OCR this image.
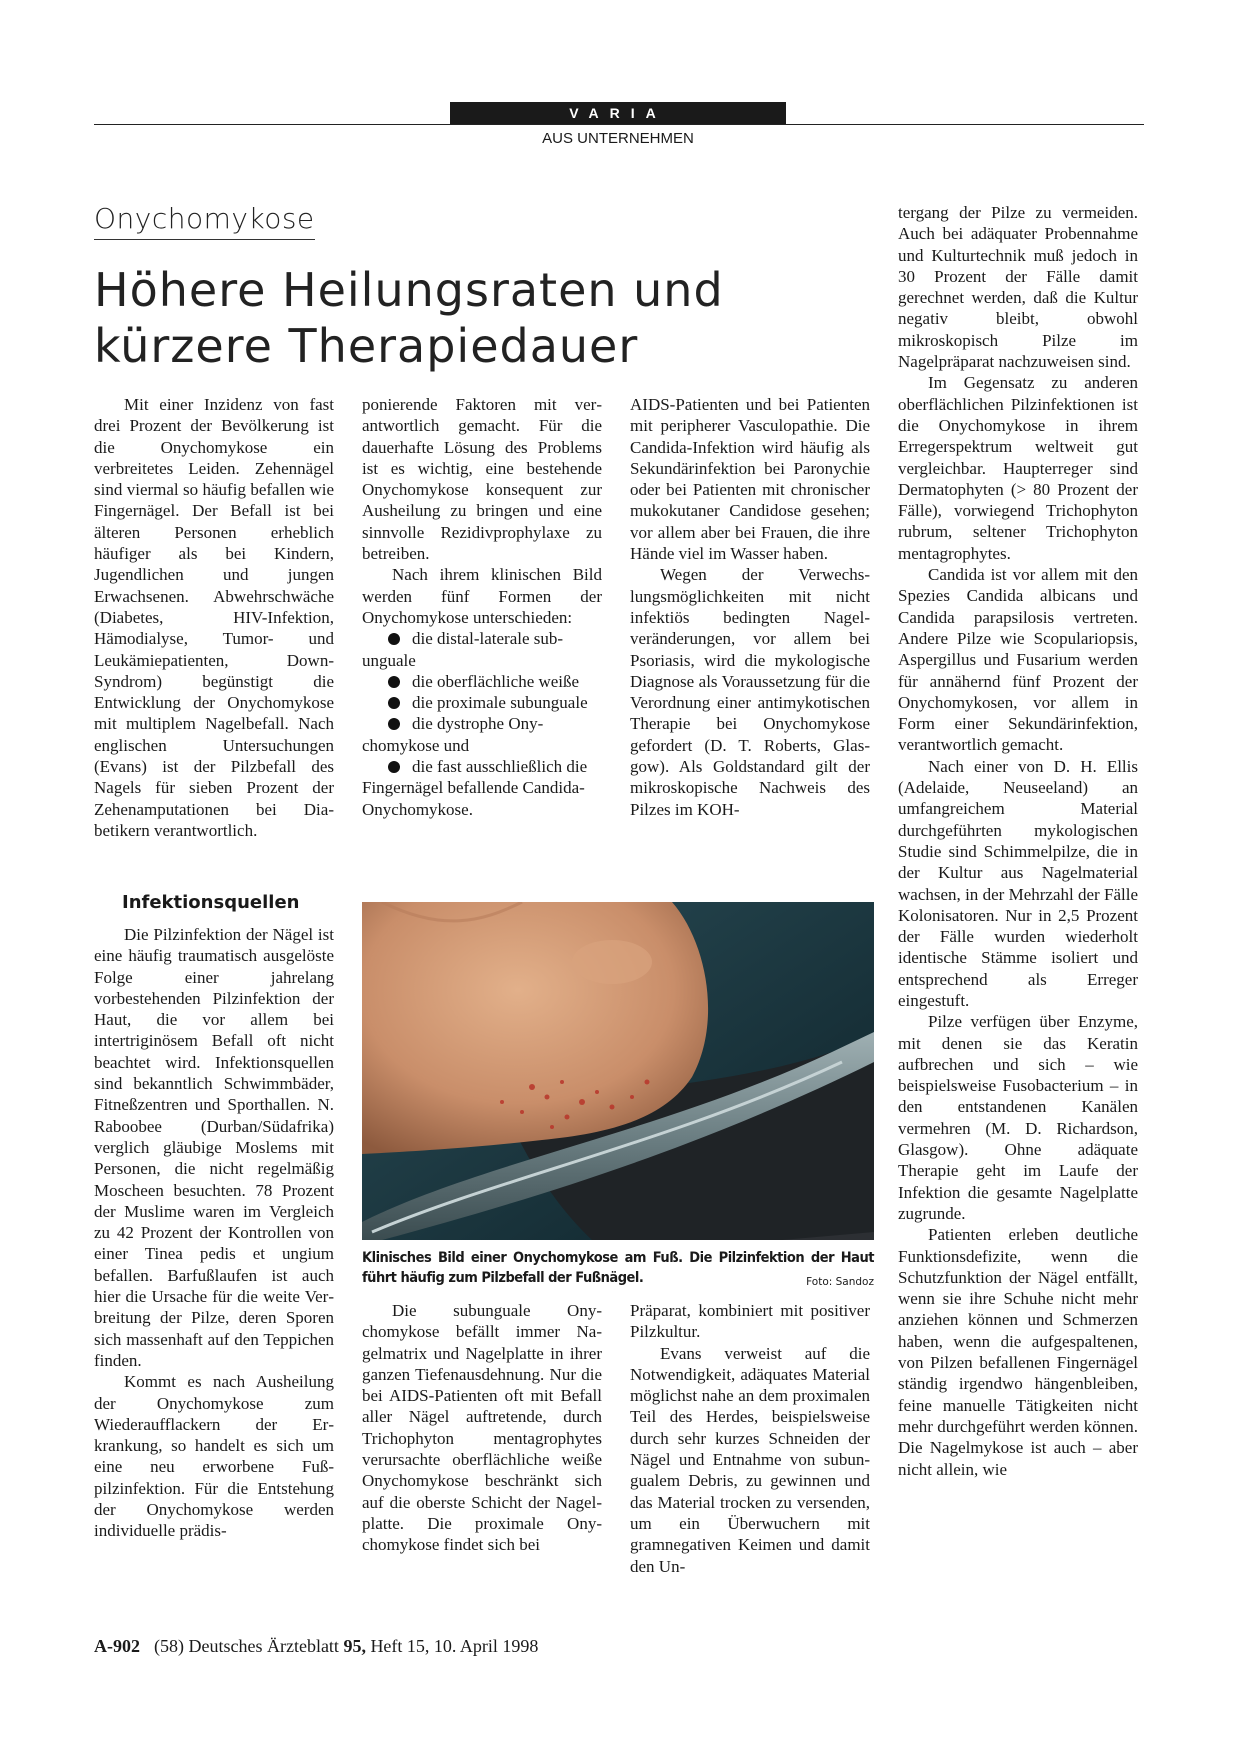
VARIA
AUS UNTERNEHMEN
Onychomykose
Höhere Heilungsraten und
kürzere Therapiedauer

Mit einer Inzidenz von fast drei Prozent der Bevölkerung ist die Onychomykose ein verbreitetes Leiden. Zehennägel sind viermal so häufig befallen wie Fingernägel. Der Befall ist bei älteren Personen erheblich häufiger als bei Kindern, Jugendlichen und jungen Erwachsenen. Abwehrschwäche (Diabetes, HIV-Infektion, Hämodialyse, Tumor- und Leukämiepatienten, Down-Syndrom) begünstigt die Entwicklung der Onychomykose mit multiplem Nagelbefall. Nach englischen Untersuchungen (Evans) ist der Pilzbefall des Nagels für sieben Prozent der Zehenamputationen bei Diabetikern verantwortlich.

Infektionsquellen

Die Pilzinfektion der Nägel ist eine häufig traumatisch ausgelöste Folge einer jahrelang vorbestehenden Pilzinfektion der Haut, die vor allem bei intertriginösem Befall oft nicht beachtet wird. Infektionsquellen sind bekanntlich Schwimmbäder, Fitneßzentren und Sporthallen. N. Raboobee (Durban/Südafrika) verglich gläubige Moslems mit Personen, die nicht regelmäßig Moscheen besuchten. 78 Prozent der Muslime waren im Vergleich zu 42 Prozent der Kontrollen von einer Tinea pedis et ungium befallen. Barfußlaufen ist auch hier die Ursache für die weite Verbreitung der Pilze, deren Sporen sich massenhaft auf den Teppichen finden.

Kommt es nach Ausheilung der Onychomykose zum Wiederaufflackern der Erkrankung, so handelt es sich um eine neu erworbene Fußpilzinfektion. Für die Entstehung der Onychomykose werden individuelle prädis-

ponierende Faktoren mit verantwortlich gemacht. Für die dauerhafte Lösung des Problems ist es wichtig, eine bestehende Onychomykose konsequent zur Ausheilung zu bringen und eine sinnvolle Rezidivprophylaxe zu betreiben.

Nach ihrem klinischen Bild werden fünf Formen der Onychomykose unterschieden:

die distal-laterale subunguale
die oberflächliche weiße
die proximale subunguale
die dystrophe Onychomykose und
die fast ausschließlich die Fingernägel befallende Candida-Onychomykose.

Die subunguale Onychomykose befällt immer Nagelmatrix und Nagelplatte in ihrer ganzen Tiefenausdehnung. Nur die bei AIDS-Patienten oft mit Befall aller Nägel auftretende, durch Trichophyton mentagrophytes verursachte oberflächliche weiße Onychomykose beschränkt sich auf die oberste Schicht der Nagelplatte. Die proximale Onychomykose findet sich bei

AIDS-Patienten und bei Patienten mit peripherer Vasculopathie. Die Candida-Infektion wird häufig als Sekundärinfektion bei Paronychie oder bei Patienten mit chronischer mukokutaner Candidose gesehen; vor allem aber bei Frauen, die ihre Hände viel im Wasser haben.

Wegen der Verwechslungsmöglichkeiten mit nicht infektiös bedingten Nagelveränderungen, vor allem bei Psoriasis, wird die mykologische Diagnose als Voraussetzung für die Verordnung einer antimykotischen Therapie bei Onychomykose gefordert (D. T. Roberts, Glasgow). Als Goldstandard gilt der mikroskopische Nachweis des Pilzes im KOH-

Präparat, kombiniert mit positiver Pilzkultur.

Evans verweist auf die Notwendigkeit, adäquates Material möglichst nahe an dem proximalen Teil des Herdes, beispielsweise durch sehr kurzes Schneiden der Nägel und Entnahme von subungualem Debris, zu gewinnen und das Material trocken zu versenden, um ein Überwuchern mit gramnegativen Keimen und damit den Un-

tergang der Pilze zu vermeiden. Auch bei adäquater Probennahme und Kulturtechnik muß jedoch in 30 Prozent der Fälle damit gerechnet werden, daß die Kultur negativ bleibt, obwohl mikroskopisch Pilze im Nagelpräparat nachzuweisen sind.

Im Gegensatz zu anderen oberflächlichen Pilzinfektionen ist die Onychomykose in ihrem Erregerspektrum weltweit gut vergleichbar. Haupterreger sind Dermatophyten (> 80 Prozent der Fälle), vorwiegend Trichophyton rubrum, seltener Trichophyton mentagrophytes.

Candida ist vor allem mit den Spezies Candida albicans und Candida parapsilosis vertreten. Andere Pilze wie Scopulariopsis, Aspergillus und Fusarium werden für annähernd fünf Prozent der Onychomykosen, vor allem in Form einer Sekundärinfektion, verantwortlich gemacht.

Nach einer von D. H. Ellis (Adelaide, Neuseeland) an umfangreichem Material durchgeführten mykologischen Studie sind Schimmelpilze, die in der Kultur aus Nagelmaterial wachsen, in der Mehrzahl der Fälle Kolonisatoren. Nur in 2,5 Prozent der Fälle wurden wiederholt identische Stämme isoliert und entsprechend als Erreger eingestuft.

Pilze verfügen über Enzyme, mit denen sie das Keratin aufbrechen und sich – wie beispielsweise Fusobacterium – in den entstandenen Kanälen vermehren (M. D. Richardson, Glasgow). Ohne adäquate Therapie geht im Laufe der Infektion die gesamte Nagelplatte zugrunde.

Patienten erleben deutliche Funktionsdefizite, wenn die Schutzfunktion der Nägel entfällt, wenn sie ihre Schuhe nicht mehr anziehen können und Schmerzen haben, wenn die aufgespaltenen, von Pilzen befallenen Fingernägel ständig irgendwo hängenbleiben, feine manuelle Tätigkeiten nicht mehr durchgeführt werden können. Die Nagelmykose ist auch – aber nicht allein, wie

Klinisches Bild einer Onychomykose am Fuß. Die Pilzinfektion der Haut führt häufig zum Pilzbefall der Fußnägel.	Foto: Sandoz
A-902 (58) Deutsches Ärzteblatt 95, Heft 15, 10. April 1998
